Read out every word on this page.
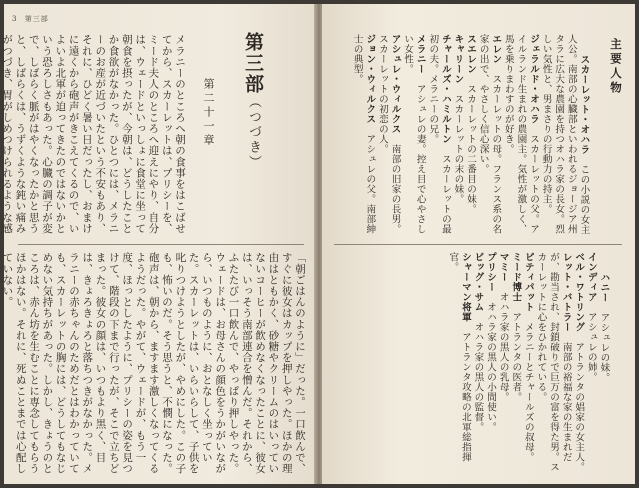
3 第三部
第三部（つづき）
第二十一章
メラニーのところへ朝の食事をはこばせてから、スカーレットは、プリシーを、ミード夫人のところへ迎えにやり、自分は、ウェードといっしょに食堂に坐って朝食を摂ったが、今朝は、どうしたことか食欲がなかった。ひとつには、メラニーのお産が近づいたという不安もあり、それに、ひどく暑い日だったし、おまけに遠くから砲声がきこえてくるので、いよいよ北軍が迫ってきたのではないかという恐ろしさもあった。心臓の調子が変で、しばらく脈がはやくなったかと思うと、しばらくは、うずくような鈍い痛みがつづき、胃がしめつけられるような感
「朝ごはんのように」だった。一口飲んで、すぐに彼女はカップを押しやった。ほかの理由はともかく、砂糖やクリームのはいっていないコーヒーが飲めなくなったことに、彼女は、いっそう南部連合を憎んだ。それから、ふたたび一口飲んで、やっぱり押しやった。ウェードは、お母さんの顔色をうかがいながら、いつものように、おとなしく坐っていた。スカーレットは、いらいらして、子供を叱りつけようとしたが、やめにした。この子も、怖いのだ。そう思うと、不憫になった。砲声は、朝から、ますます激しくなってくるようだった。やがて、ウェードが、もう一度、ほっとしたように、プリシーの姿を見つけて、階段の下まで行ったが、そこで立ちどまった。彼女の顔は、いつもより黒く、目は、きょろきょろと落ちつきがなかった。メラニーの赤ちゃんのためだとはわかっていても、スカーレットの胸には、どうしてもなじめない気持ちがあった。しかし、きょうのところは、赤ん坊を生むことに専念してもらうほかはない。それに、死ぬことまでは心配していない。
主要人物

スカーレット・オハラ　この小説の女主人公。南部の心臓部といわれるジョージア州タラに広大な農園を持つオハラ家の長女。烈しい気性と、男まさりの行動力の持主。
ジェラルド・オハラ　スカーレットの父。アイルランド生まれの農園主。気性が激しく、馬を乗りまわすのが好き。
エレン　スカーレットの母。フランス系の名家の出で、やさしく信心深い。
スエレン　スカーレットの二番目の妹。
キャリーン　スカーレットの末の妹。
チャールズ・ハミルトン　スカーレットの最初の夫。メラニーの兄。
メラニー　アシュレの妻。控え目で心やさしい女性。
アシュレ・ウィルクス　南部の旧家の長男。スカーレットの初恋の人。
ジョン・ウィルクス　アシュレの父。南部紳士の典型。

ハニー　アシュレの妹。
インディア　アシュレの姉。
ベル・ワトリング　アトランタの娼家の女主人。
レット・バトラー　南部の裕福な家の生まれだが、勘当され、封鎖破りで巨万の富を得た男。スカーレットに心をひかれている。
ピティパット　メラニーとチャールズの叔母。
ミード博士　アトランタの医者。
マミー　オハラ家の黒人の乳母。
プリシー　オハラ家の黒人の小間使い。
ビッグ・サム　オハラ家の黒人の監督。
シャーマン将軍　アトランタ攻略の北軍総指揮官。
